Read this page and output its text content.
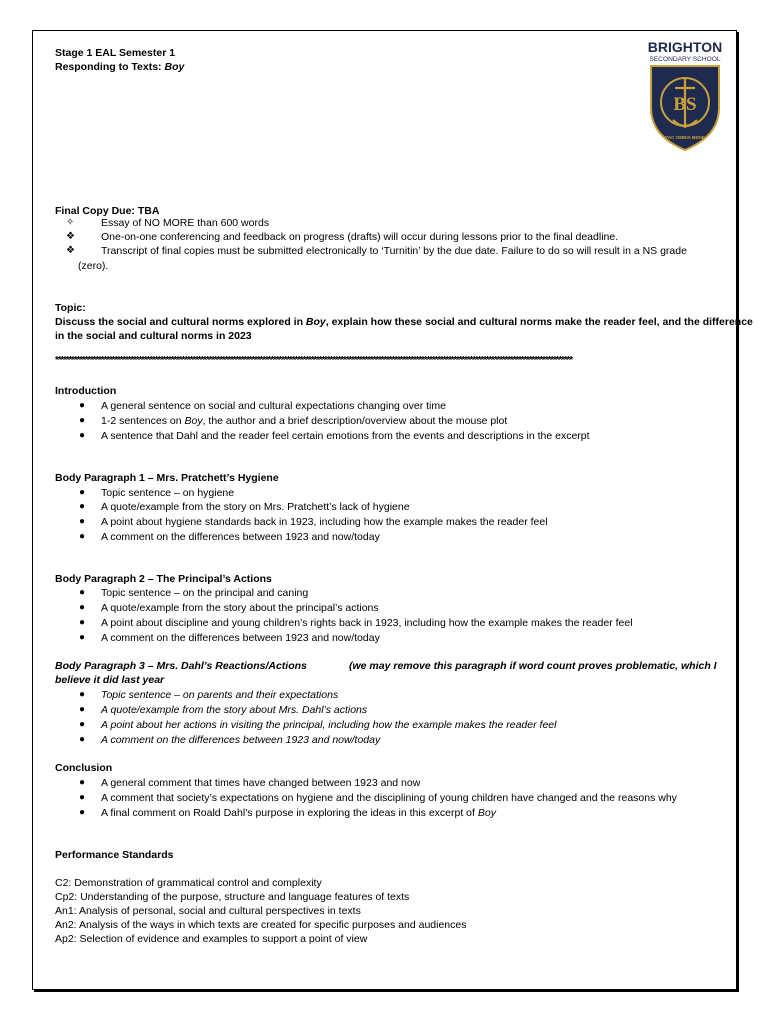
Stage 1 EAL Semester 1
Responding to Texts: Boy
BRIGHTON
SECONDARY SCHOOL
BS
FAC OMNIA BENE
Final Copy Due: TBA
✧	Essay of NO MORE than 600 words
❖ One-on-one conferencing and feedback on progress (drafts) will occur during lessons prior to the final deadline.
❖ Transcript of final copies must be submitted electronically to ‘Turnitin’ by the due date. Failure to do so will result in a NS grade
(zero).
Topic:
Discuss the social and cultural norms explored in Boy, explain how these social and cultural norms make the reader feel, and the difference
in the social and cultural norms in 2023
************************************************************************************************************************************************************************************************
Introduction
● A general sentence on social and cultural expectations changing over time
● 1-2 sentences on Boy, the author and a brief description/overview about the mouse plot
● A sentence that Dahl and the reader feel certain emotions from the events and descriptions in the excerpt
Body Paragraph 1 – Mrs. Pratchett’s Hygiene
● Topic sentence – on hygiene
● A quote/example from the story on Mrs. Pratchett’s lack of hygiene
● A point about hygiene standards back in 1923, including how the example makes the reader feel
● A comment on the differences between 1923 and now/today
Body Paragraph 2 – The Principal’s Actions
● Topic sentence – on the principal and caning
● A quote/example from the story about the principal’s actions
● A point about discipline and young children’s rights back in 1923, including how the example makes the reader feel
● A comment on the differences between 1923 and now/today
Body Paragraph 3 – Mrs. Dahl’s Reactions/Actions	(we may remove this paragraph if word count proves problematic, which I
believe it did last year
● Topic sentence – on parents and their expectations
● A quote/example from the story about Mrs. Dahl’s actions
● A point about her actions in visiting the principal, including how the example makes the reader feel
● A comment on the differences between 1923 and now/today
Conclusion
● A general comment that times have changed between 1923 and now
● A comment that society’s expectations on hygiene and the disciplining of young children have changed and the reasons why
● A final comment on Roald Dahl’s purpose in exploring the ideas in this excerpt of Boy
Performance Standards
C2: Demonstration of grammatical control and complexity
Cp2: Understanding of the purpose, structure and language features of texts
An1: Analysis of personal, social and cultural perspectives in texts
An2: Analysis of the ways in which texts are created for specific purposes and audiences
Ap2: Selection of evidence and examples to support a point of view
